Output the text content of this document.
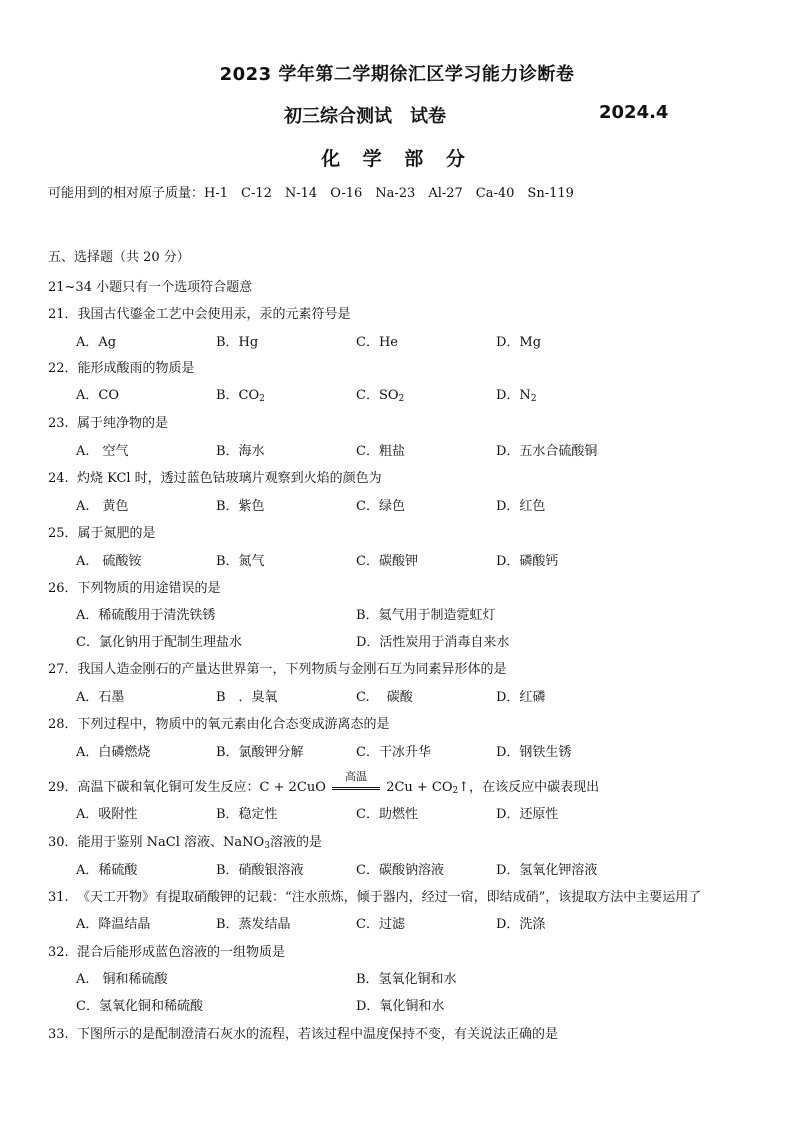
2023 学年第二学期徐汇区学习能力诊断卷
初三综合测试　试卷	2024.4
化 学 部 分
可能用到的相对原子质量：H-1　C-12　N-14　O-16　Na-23　Al-27　Ca-40　Sn-119
五、选择题（共 20 分）
21~34 小题只有一个选项符合题意
21．我国古代鎏金工艺中会使用汞，汞的元素符号是
A．Ag	B．Hg	C．He	D．Mg
22．能形成酸雨的物质是
A．CO	B．$CO_2$	C．$SO_2$	D．$N_2$
23. 属于纯净物的是
A.　空气	B．海水	C．粗盐	D．五水合硫酸铜
24. 灼烧 KCl 时，透过蓝色钴玻璃片观察到火焰的颜色为
A.　黄色	B．紫色	C．绿色	D．红色
25．属于氮肥的是
A.　硫酸铵	B．氮气	C．碳酸钾	D．磷酸钙
26．下列物质的用途错误的是
A．稀硫酸用于清洗铁锈	B．氦气用于制造霓虹灯
C．氯化钠用于配制生理盐水	D．活性炭用于消毒自来水
27．我国人造金刚石的产量达世界第一，下列物质与金刚石互为同素异形体的是
A．石墨	B　．臭氧	C.　 碳酸	D．红磷
28．下列过程中，物质中的氧元素由化合态变成游离态的是
A．白磷燃烧	B．氯酸钾分解	C．干冰升华	D．钢铁生锈
29．高温下碳和氧化铜可发生反应：C + 2CuO
高温
$2Cu + CO_2↑$，在该反应中碳表现出
A．吸附性	B．稳定性	C．助燃性	D．还原性
30．能用于鉴别 NaCl 溶液、NaNO$_3$溶液的是
A．稀硫酸	B．硝酸银溶液	C．碳酸钠溶液	D．氢氧化钾溶液
31. 《天工开物》有提取硝酸钾的记载：“注水煎炼，倾于器内，经过一宿，即结成硝”，该提取方法中主要运用了
A．降温结晶	B．蒸发结晶	C．过滤	D．洗涤
32. 混合后能形成蓝色溶液的一组物质是
A.　铜和稀硫酸	B．氢氧化铜和水
C．氢氧化铜和稀硫酸	D．氧化铜和水
33. 下图所示的是配制澄清石灰水的流程，若该过程中温度保持不变，有关说法正确的是
